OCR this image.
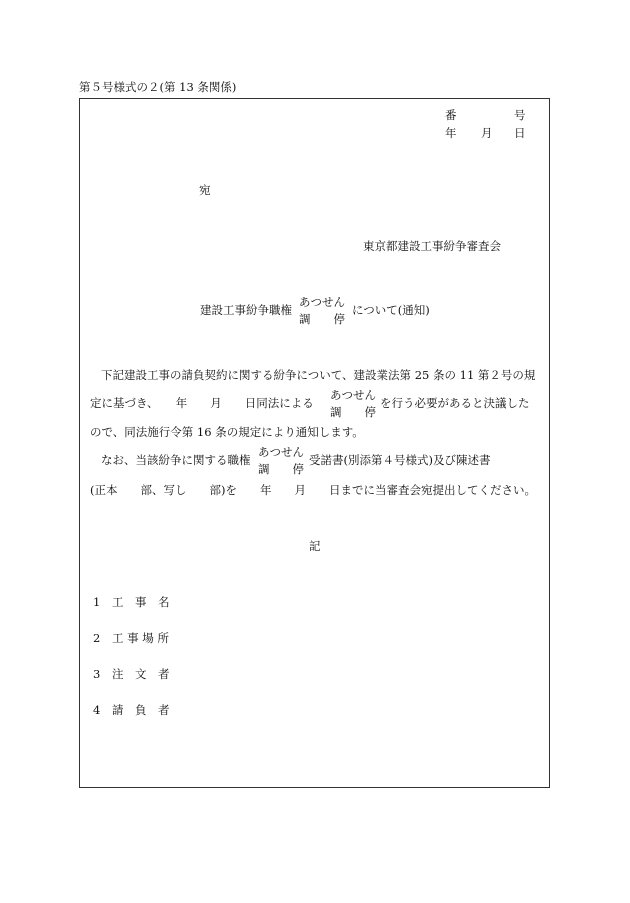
第５号様式の２(第 13 条関係)
番	号
年 月 日
宛
東京都建設工事紛争審査会
建設工事紛争職権
あつせん
調　　停
について(通知)
下記建設工事の請負契約に関する紛争について、建設業法第 25 条の 11 第２号の規
定に基づき、　　年　　月　　日同法による
あつせん
調　　停
を行う必要があると決議した
ので、同法施行令第 16 条の規定により通知します。
なお、当該紛争に関する職権
あつせん
調　　停
受諾書(別添第４号様式)及び陳述書
(正本　　部、写し　　部)を　　年　　月　　日までに当審査会宛提出してください。
記
1 工　事　名
2 工 事 場 所
3 注　文　者
4 請　負　者
